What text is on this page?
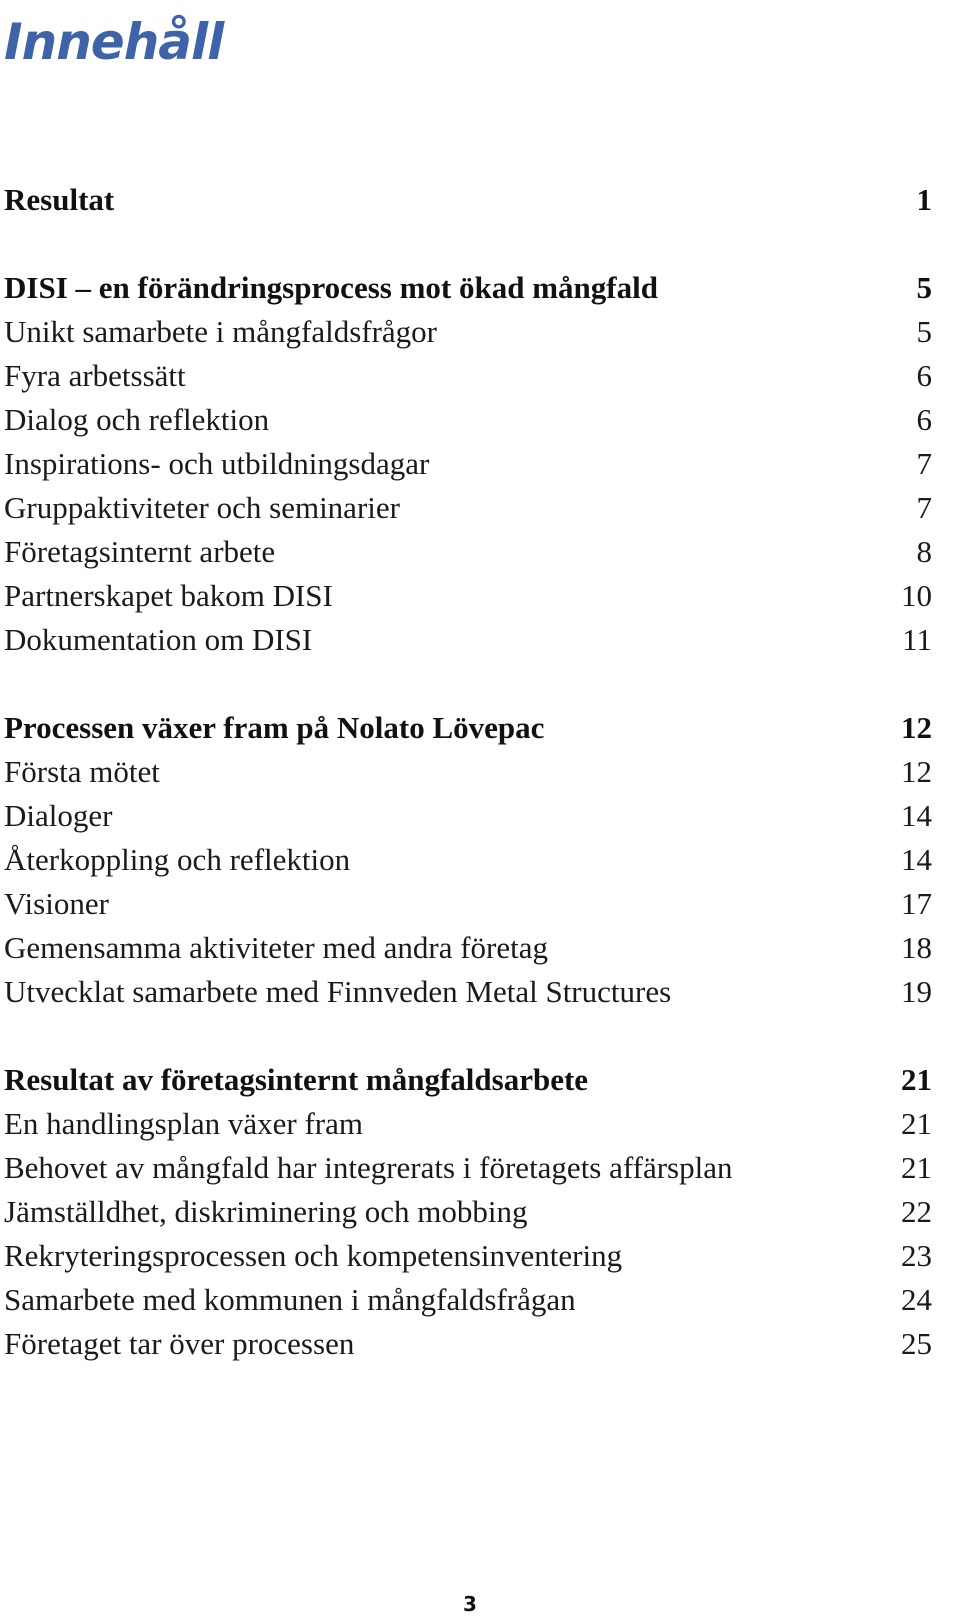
Innehåll
Resultat	1
DISI – en förändringsprocess mot ökad mångfald	5
Unikt samarbete i mångfaldsfrågor	5
Fyra arbetssätt	6
Dialog och reflektion	6
Inspirations- och utbildningsdagar	7
Gruppaktiviteter och seminarier	7
Företagsinternt arbete	8
Partnerskapet bakom DISI	10
Dokumentation om DISI	11
Processen växer fram på Nolato Lövepac	12
Första mötet	12
Dialoger	14
Återkoppling och reflektion	14
Visioner	17
Gemensamma aktiviteter med andra företag	18
Utvecklat samarbete med Finnveden Metal Structures	19
Resultat av företagsinternt mångfaldsarbete	21
En handlingsplan växer fram	21
Behovet av mångfald har integrerats i företagets affärsplan	21
Jämställdhet, diskriminering och mobbing	22
Rekryteringsprocessen och kompetensinventering	23
Samarbete med kommunen i mångfaldsfrågan	24
Företaget tar över processen	25
3
